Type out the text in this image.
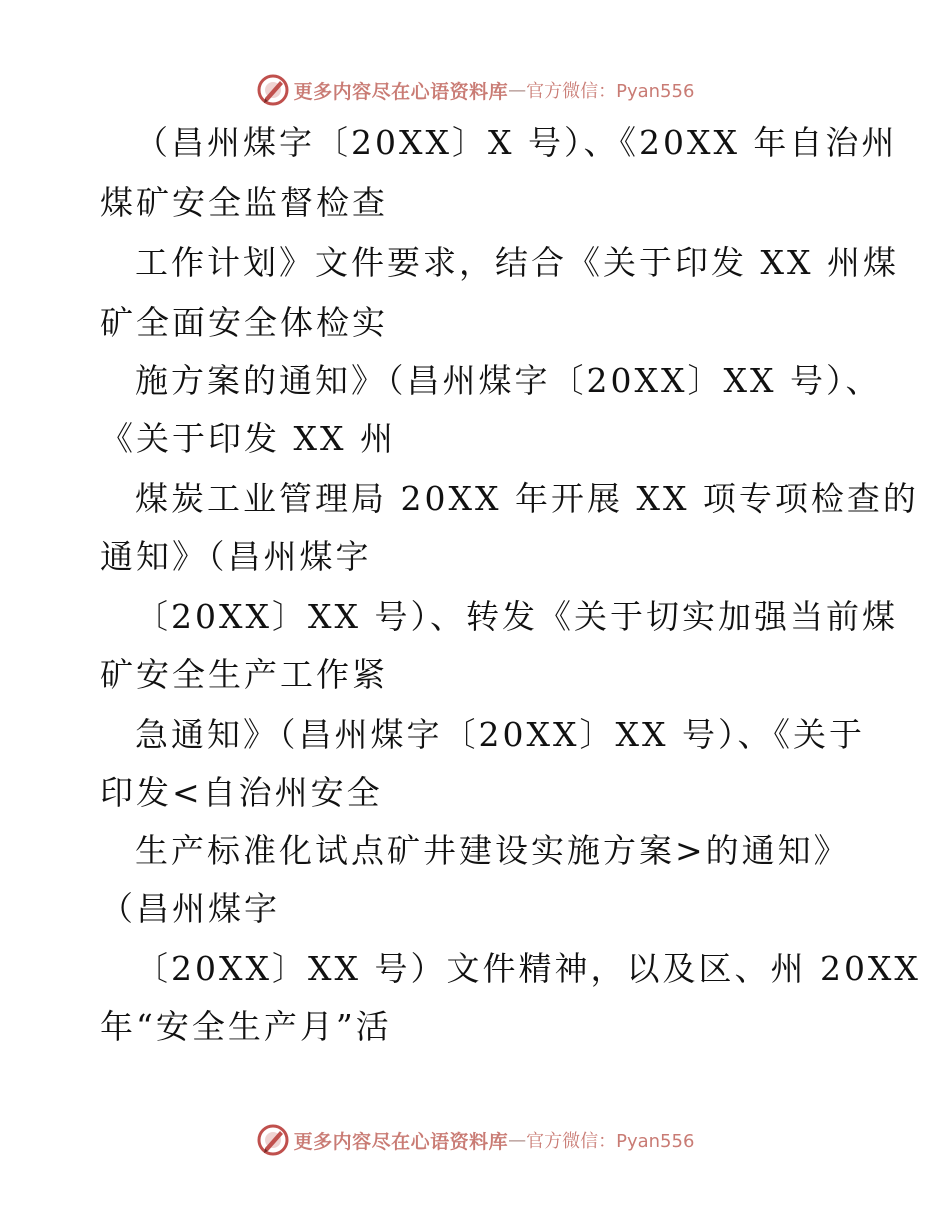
更多内容尽在心语资料库 — 官方微信：Pyan556
（昌州煤字〔20XX〕X 号）、《20XX 年自治州
煤矿安全监督检查
工作计划》文件要求，结合《关于印发 XX 州煤
矿全面安全体检实
施方案的通知》（昌州煤字〔20XX〕XX 号）、
《关于印发 XX 州
煤炭工业管理局 20XX 年开展 XX 项专项检查的
通知》（昌州煤字
〔20XX〕XX 号）、转发《关于切实加强当前煤
矿安全生产工作紧
急通知》（昌州煤字〔20XX〕XX 号）、《关于
印发<自治州安全
生产标准化试点矿井建设实施方案>的通知》
（昌州煤字
〔20XX〕XX 号）文件精神，以及区、州 20XX
年“安全生产月”活
更多内容尽在心语资料库 — 官方微信：Pyan556
